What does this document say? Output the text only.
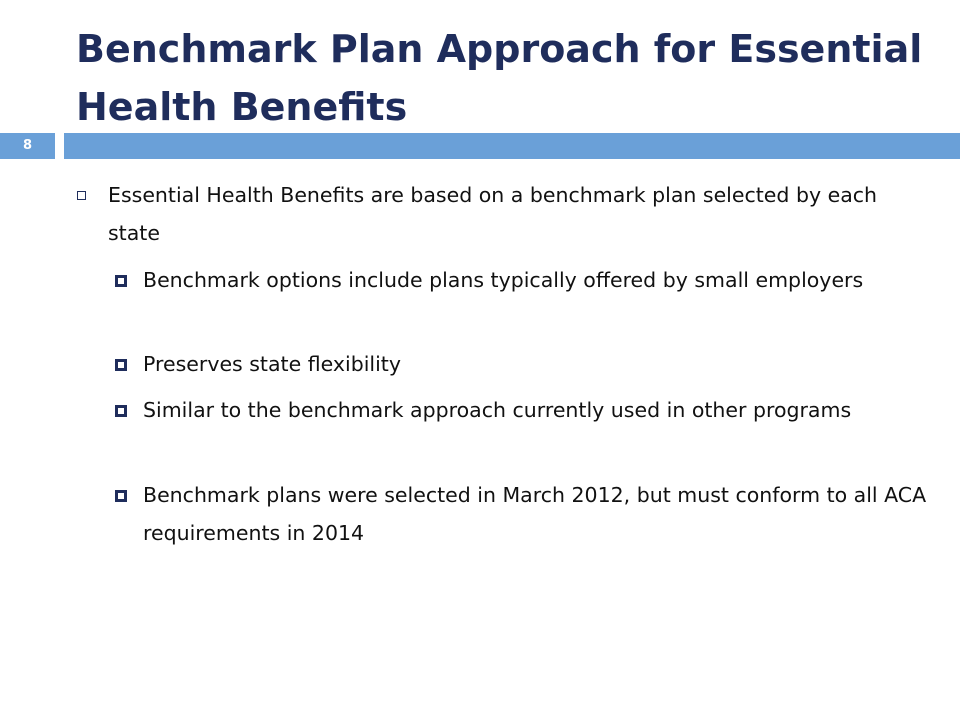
Benchmark Plan Approach for Essential Health Benefits
8
Essential Health Benefits are based on a benchmark plan selected by each state
Benchmark options include plans typically offered by small employers
Preserves state flexibility
Similar to the benchmark approach currently used in other programs
Benchmark plans were selected in March 2012, but must conform to all ACA requirements in 2014
